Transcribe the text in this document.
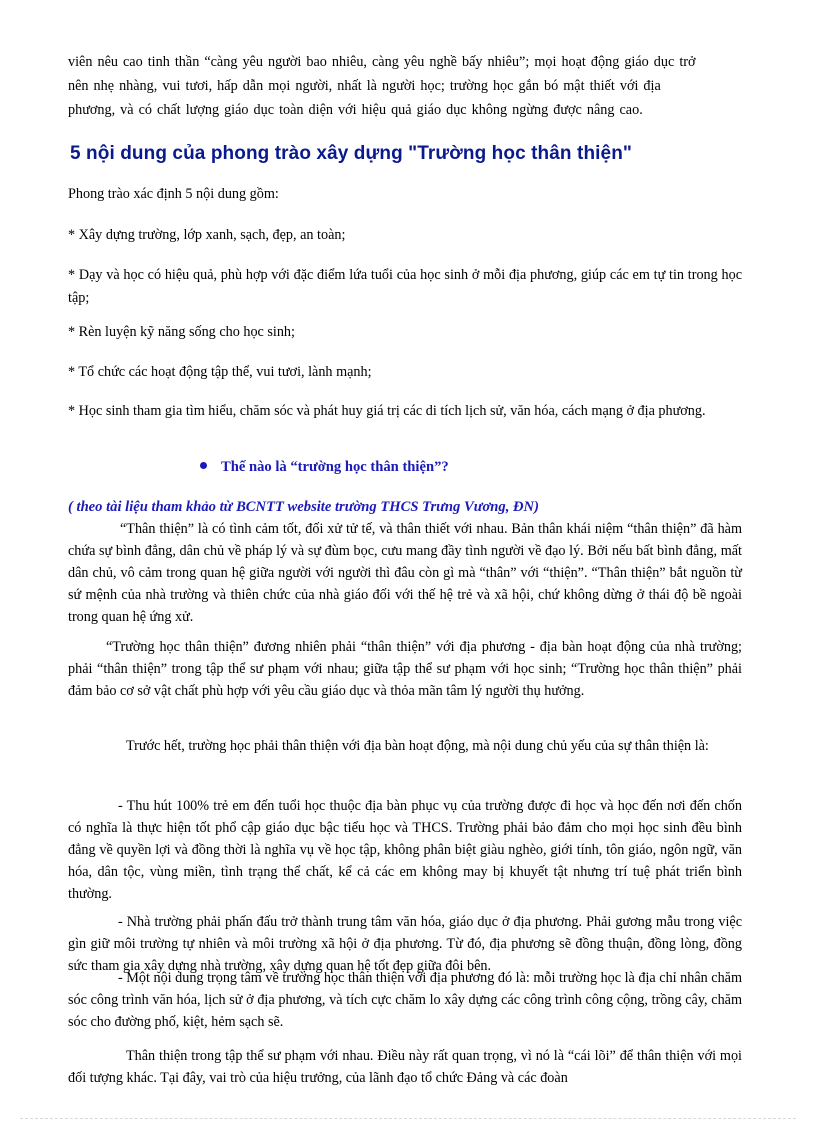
viên nêu cao tinh thần “càng yêu người bao nhiêu, càng yêu nghề bấy nhiêu”; mọi hoạt động giáo dục trở

nên nhẹ nhàng, vui tươi, hấp dẫn mọi người, nhất là người học; trường học gắn bó mật thiết với địa

phương, và có chất lượng giáo dục toàn diện với hiệu quả giáo dục không ngừng được nâng cao.

5 nội dung của phong trào xây dựng "Trường học thân thiện"

Phong trào xác định 5 nội dung gồm:

* Xây dựng trường, lớp xanh, sạch, đẹp, an toàn;

* Dạy và học có hiệu quả, phù hợp với đặc điểm lứa tuổi của học sinh ở mỗi địa phương, giúp các em tự tin trong học tập;

* Rèn luyện kỹ năng sống cho học sinh;

* Tổ chức các hoạt động tập thể, vui tươi, lành mạnh;

* Học sinh tham gia tìm hiểu, chăm sóc và phát huy giá trị các di tích lịch sử, văn hóa, cách mạng ở địa phương.

Thế nào là “trường học thân thiện”?

( theo tài liệu tham khảo từ BCNTT website trường THCS Trưng Vương, ĐN)

“Thân thiện” là có tình cảm tốt, đối xử tử tế, và thân thiết với nhau. Bản thân khái niệm “thân thiện” đã hàm chứa sự bình đẳng, dân chủ về pháp lý và sự đùm bọc, cưu mang đầy tình người về đạo lý. Bởi nếu bất bình đẳng, mất dân chủ, vô cảm trong quan hệ giữa người với người thì đâu còn gì mà “thân” với “thiện”. “Thân thiện” bắt nguồn từ sứ mệnh của nhà trường và thiên chức của nhà giáo đối với thế hệ trẻ và xã hội, chứ không dừng ở thái độ bề ngoài trong quan hệ ứng xử.

“Trường học thân thiện” đương nhiên phải “thân thiện” với địa phương - địa bàn hoạt động của nhà trường; phải “thân thiện” trong tập thể sư phạm với nhau; giữa tập thể sư phạm với học sinh; “Trường học thân thiện” phải đảm bảo cơ sở vật chất phù hợp với yêu cầu giáo dục và thỏa mãn tâm lý người thụ hưởng.

Trước hết, trường học phải thân thiện với địa bàn hoạt động, mà nội dung chủ yếu của sự thân thiện là:

- Thu hút 100% trẻ em đến tuổi học thuộc địa bàn phục vụ của trường được đi học và học đến nơi đến chốn có nghĩa là thực hiện tốt phổ cập giáo dục bậc tiểu học và THCS. Trường phải bảo đảm cho mọi học sinh đều bình đẳng về quyền lợi và đồng thời là nghĩa vụ về học tập, không phân biệt giàu nghèo, giới tính, tôn giáo, ngôn ngữ, văn hóa, dân tộc, vùng miền, tình trạng thể chất, kể cả các em không may bị khuyết tật nhưng trí tuệ phát triển bình thường.

- Nhà trường phải phấn đấu trở thành trung tâm văn hóa, giáo dục ở địa phương. Phải gương mẫu trong việc gìn giữ môi trường tự nhiên và môi trường xã hội ở địa phương. Từ đó, địa phương sẽ đồng thuận, đồng lòng, đồng sức tham gia xây dựng nhà trường, xây dựng quan hệ tốt đẹp giữa đôi bên.

- Một nội dung trọng tâm về trường học thân thiện với địa phương đó là: mỗi trường học là địa chỉ nhân chăm sóc công trình văn hóa, lịch sử ở địa phương, và tích cực chăm lo xây dựng các công trình công cộng, trồng cây, chăm sóc cho đường phố, kiệt, hẻm sạch sẽ.

Thân thiện trong tập thể sư phạm với nhau. Điều này rất quan trọng, vì nó là “cái lõi” để thân thiện với mọi đối tượng khác. Tại đây, vai trò của hiệu trưởng, của lãnh đạo tổ chức Đảng và các đoàn
